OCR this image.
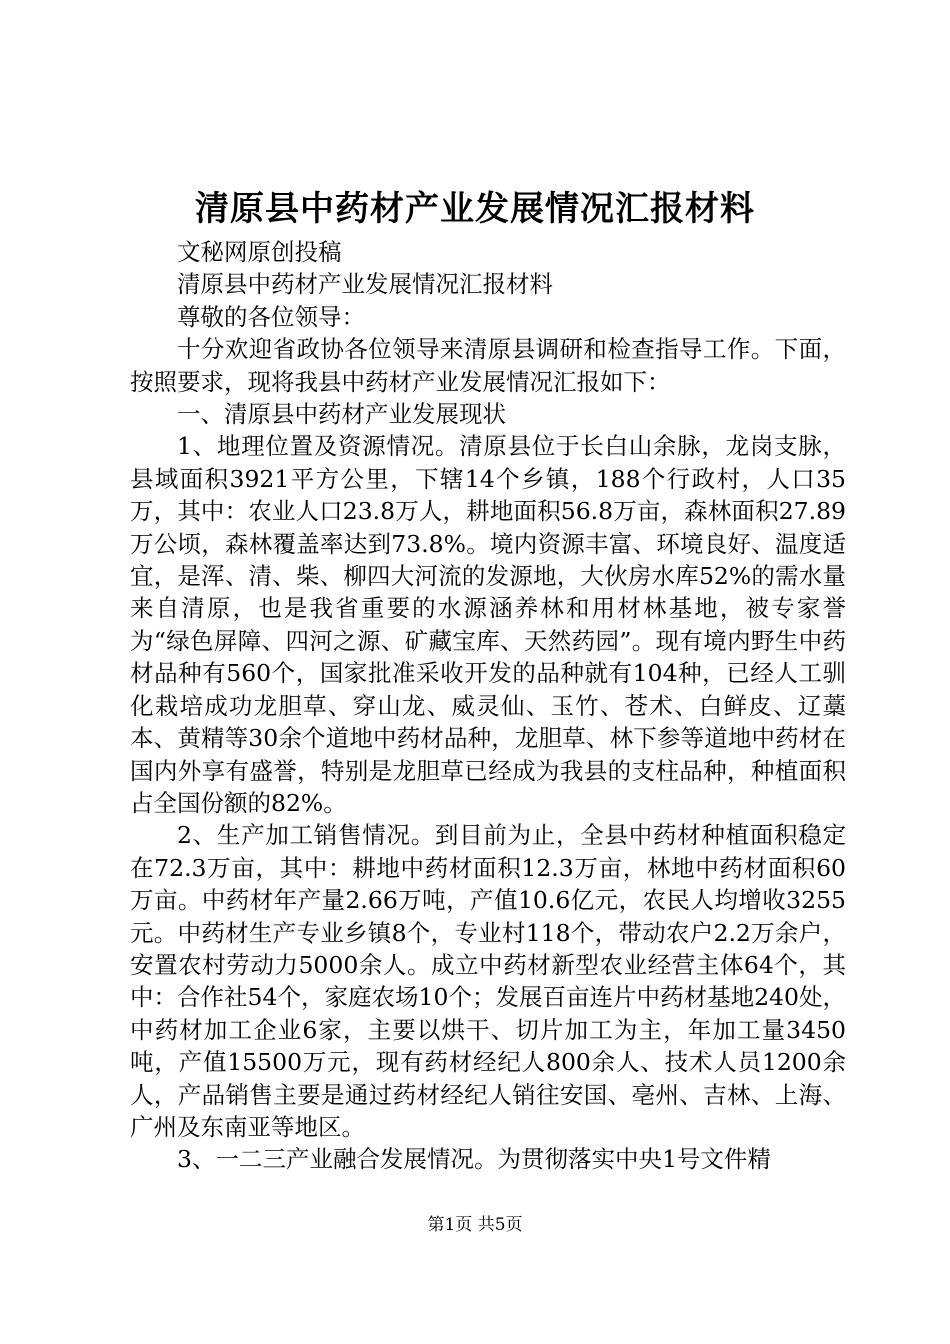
清原县中药材产业发展情况汇报材料

文秘网原创投稿

清原县中药材产业发展情况汇报材料

尊敬的各位领导：

十分欢迎省政协各位领导来清原县调研和检查指导工作。下面，按照要求，现将我县中药材产业发展情况汇报如下：

一、清原县中药材产业发展现状

1、地理位置及资源情况。清原县位于长白山余脉，龙岗支脉，县域面积3921平方公里，下辖14个乡镇，188个行政村，人口35万，其中：农业人口23.8万人，耕地面积56.8万亩，森林面积27.89万公顷，森林覆盖率达到73.8%。境内资源丰富、环境良好、温度适宜，是浑、清、柴、柳四大河流的发源地，大伙房水库52%的需水量来自清原，也是我省重要的水源涵养林和用材林基地，被专家誉为“绿色屏障、四河之源、矿藏宝库、天然药园”。现有境内野生中药材品种有560个，国家批准采收开发的品种就有104种，已经人工驯化栽培成功龙胆草、穿山龙、威灵仙、玉竹、苍术、白鲜皮、辽藁本、黄精等30余个道地中药材品种，龙胆草、林下参等道地中药材在国内外享有盛誉，特别是龙胆草已经成为我县的支柱品种，种植面积占全国份额的82%。

2、生产加工销售情况。到目前为止，全县中药材种植面积稳定在72.3万亩，其中：耕地中药材面积12.3万亩，林地中药材面积60万亩。中药材年产量2.66万吨，产值10.6亿元，农民人均增收3255元。中药材生产专业乡镇8个，专业村118个，带动农户2.2万余户，安置农村劳动力5000余人。成立中药材新型农业经营主体64个，其中：合作社54个，家庭农场10个；发展百亩连片中药材基地240处，中药材加工企业6家，主要以烘干、切片加工为主，年加工量3450吨，产值15500万元，现有药材经纪人800余人、技术人员1200余人，产品销售主要是通过药材经纪人销往安国、亳州、吉林、上海、广州及东南亚等地区。

3、一二三产业融合发展情况。为贯彻落实中央1号文件精

第1页 共5页
